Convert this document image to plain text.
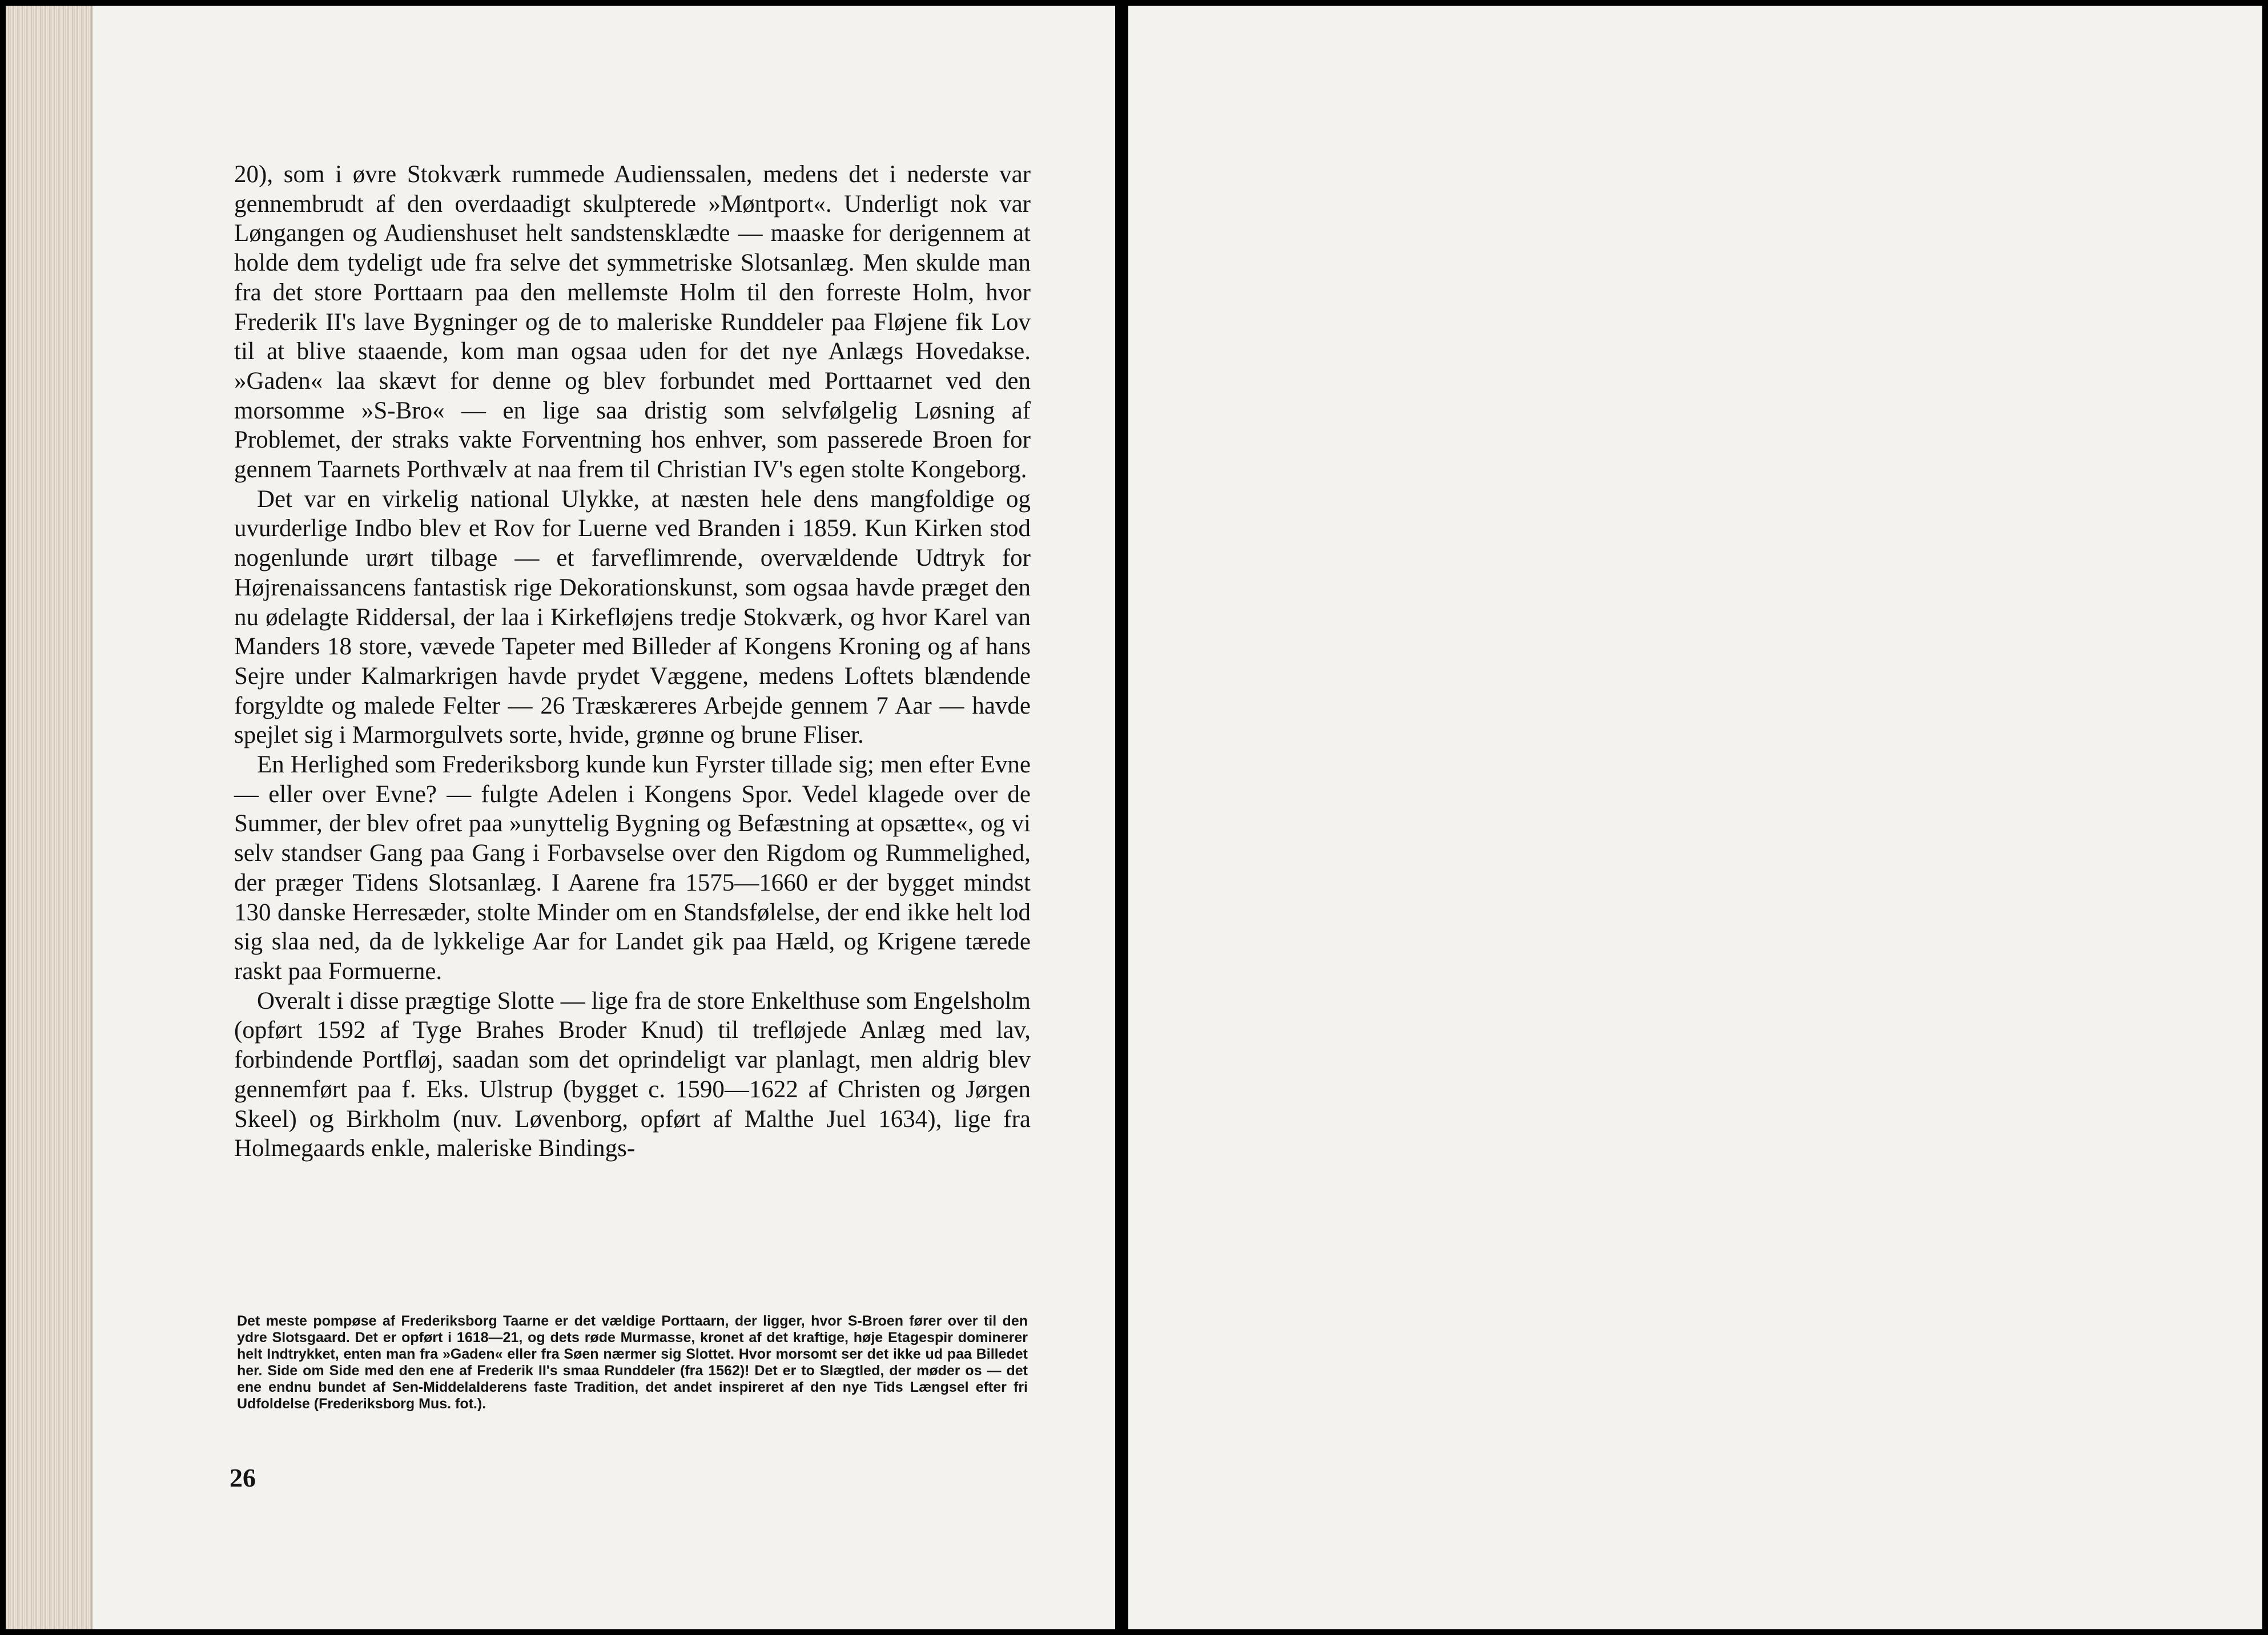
20), som i øvre Stokværk rummede Audienssalen, medens det i nederste var gennembrudt af den overdaadigt skulpterede »Møntport«. Underligt nok var Løngangen og Audienshuset helt sandstensklædte — maaske for derigennem at holde dem tydeligt ude fra selve det symmetriske Slotsanlæg. Men skulde man fra det store Porttaarn paa den mellemste Holm til den forreste Holm, hvor Frederik II's lave Bygninger og de to maleriske Runddeler paa Fløjene fik Lov til at blive staaende, kom man ogsaa uden for det nye Anlægs Hovedakse. »Gaden« laa skævt for denne og blev forbundet med Porttaarnet ved den morsomme »S-Bro« — en lige saa dristig som selvfølgelig Løsning af Problemet, der straks vakte Forventning hos enhver, som passerede Broen for gennem Taarnets Porthvælv at naa frem til Christian IV's egen stolte Kongeborg.

Det var en virkelig national Ulykke, at næsten hele dens mangfoldige og uvurderlige Indbo blev et Rov for Luerne ved Branden i 1859. Kun Kirken stod nogenlunde urørt tilbage — et farveflimrende, overvældende Udtryk for Højrenaissancens fantastisk rige Dekorationskunst, som ogsaa havde præget den nu ødelagte Riddersal, der laa i Kirkefløjens tredje Stokværk, og hvor Karel van Manders 18 store, vævede Tapeter med Billeder af Kongens Kroning og af hans Sejre under Kalmarkrigen havde prydet Væggene, medens Loftets blændende forgyldte og malede Felter — 26 Træskæreres Arbejde gennem 7 Aar — havde spejlet sig i Marmorgulvets sorte, hvide, grønne og brune Fliser.

En Herlighed som Frederiksborg kunde kun Fyrster tillade sig; men efter Evne — eller over Evne? — fulgte Adelen i Kongens Spor. Vedel klagede over de Summer, der blev ofret paa »unyttelig Bygning og Befæstning at opsætte«, og vi selv standser Gang paa Gang i Forbavselse over den Rigdom og Rummelighed, der præger Tidens Slotsanlæg. I Aarene fra 1575—1660 er der bygget mindst 130 danske Herresæder, stolte Minder om en Standsfølelse, der end ikke helt lod sig slaa ned, da de lykkelige Aar for Landet gik paa Hæld, og Krigene tærede raskt paa Formuerne.

Overalt i disse prægtige Slotte — lige fra de store Enkelthuse som Engelsholm (opført 1592 af Tyge Brahes Broder Knud) til trefløjede Anlæg med lav, forbindende Portfløj, saadan som det oprindeligt var planlagt, men aldrig blev gennemført paa f. Eks. Ulstrup (bygget c. 1590—1622 af Christen og Jørgen Skeel) og Birkholm (nuv. Løvenborg, opført af Malthe Juel 1634), lige fra Holmegaards enkle, maleriske Bindings-

Det meste pompøse af Frederiksborg Taarne er det vældige Porttaarn, der ligger, hvor S-Broen fører over til den ydre Slotsgaard. Det er opført i 1618—21, og dets røde Murmasse, kronet af det kraftige, høje Etagespir dominerer helt Indtrykket, enten man fra »Gaden« eller fra Søen nærmer sig Slottet. Hvor morsomt ser det ikke ud paa Billedet her. Side om Side med den ene af Frederik II's smaa Runddeler (fra 1562)! Det er to Slægtled, der møder os — det ene endnu bundet af Sen-Middelalderens faste Tradition, det andet inspireret af den nye Tids Længsel efter fri Udfoldelse (Frederiksborg Mus. fot.).
26
